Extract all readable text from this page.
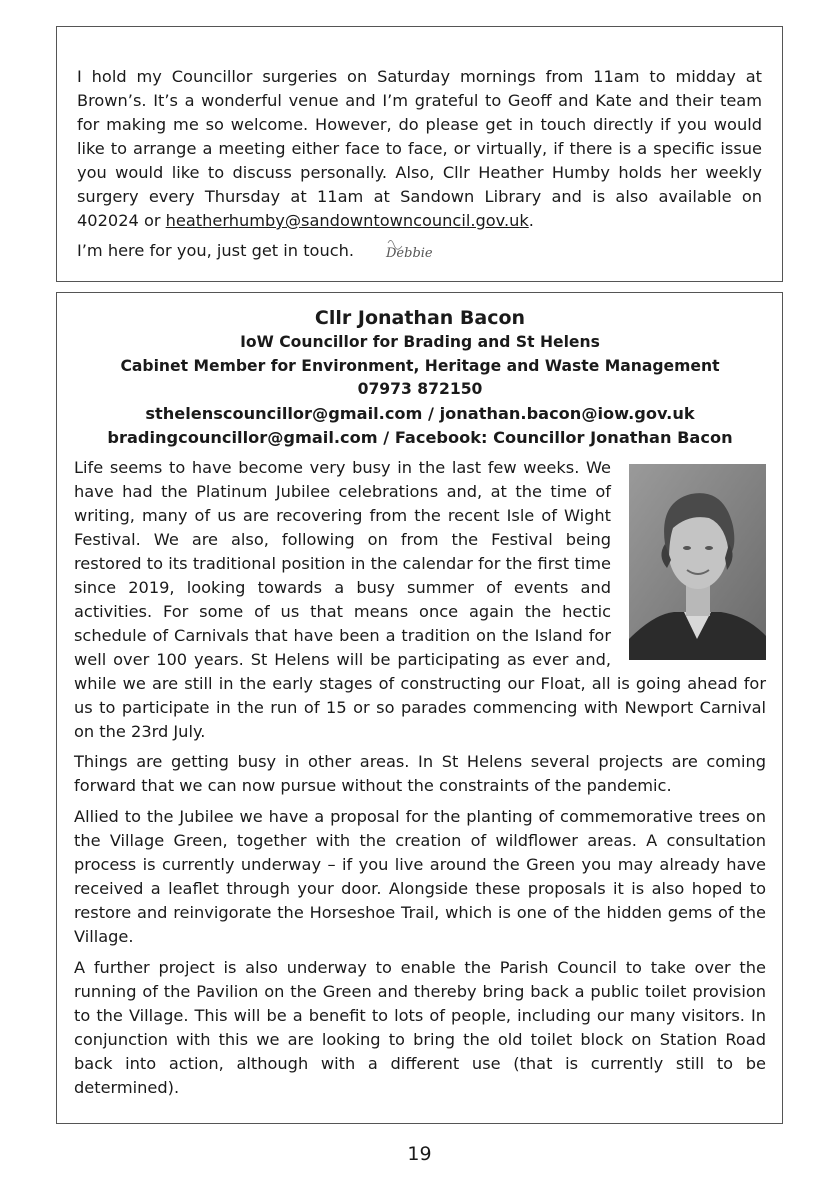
I hold my Councillor surgeries on Saturday mornings from 11am to midday at Brown’s. It’s a wonderful venue and I’m grateful to Geoff and Kate and their team for making me so welcome. However, do please get in touch directly if you would like to arrange a meeting either face to face, or virtually, if there is a specific issue you would like to discuss personally. Also, Cllr Heather Humby holds her weekly surgery every Thursday at 11am at Sandown Library and is also available on 402024 or heatherhumby@sandowntowncouncil.gov.uk.

I’m here for you, just get in touch. Debbie

Cllr Jonathan Bacon

IoW Councillor for Brading and St Helens

Cabinet Member for Environment, Heritage and Waste Management

07973 872150

sthelenscouncillor@gmail.com / jonathan.bacon@iow.gov.uk

bradingcouncillor@gmail.com / Facebook: Councillor Jonathan Bacon

Life seems to have become very busy in the last few weeks. We have had the Platinum Jubilee celebrations and, at the time of writing, many of us are recovering from the recent Isle of Wight Festival. We are also, following on from the Festival being restored to its traditional position in the calendar for the first time since 2019, looking towards a busy summer of events and activities. For some of us that means once again the hectic schedule of Carnivals that have been a tradition on the Island for well over 100 years. St Helens will be participating as ever and, while we are still in the early stages of constructing our Float, all is going ahead for us to participate in the run of 15 or so parades commencing with Newport Carnival on the 23rd July.

Things are getting busy in other areas. In St Helens several projects are coming forward that we can now pursue without the constraints of the pandemic.

Allied to the Jubilee we have a proposal for the planting of commemorative trees on the Village Green, together with the creation of wildflower areas. A consultation process is currently underway – if you live around the Green you may already have received a leaflet through your door. Alongside these proposals it is also hoped to restore and reinvigorate the Horseshoe Trail, which is one of the hidden gems of the Village.

A further project is also underway to enable the Parish Council to take over the running of the Pavilion on the Green and thereby bring back a public toilet provision to the Village. This will be a benefit to lots of people, including our many visitors. In conjunction with this we are looking to bring the old toilet block on Station Road back into action, although with a different use (that is currently still to be determined).

19
